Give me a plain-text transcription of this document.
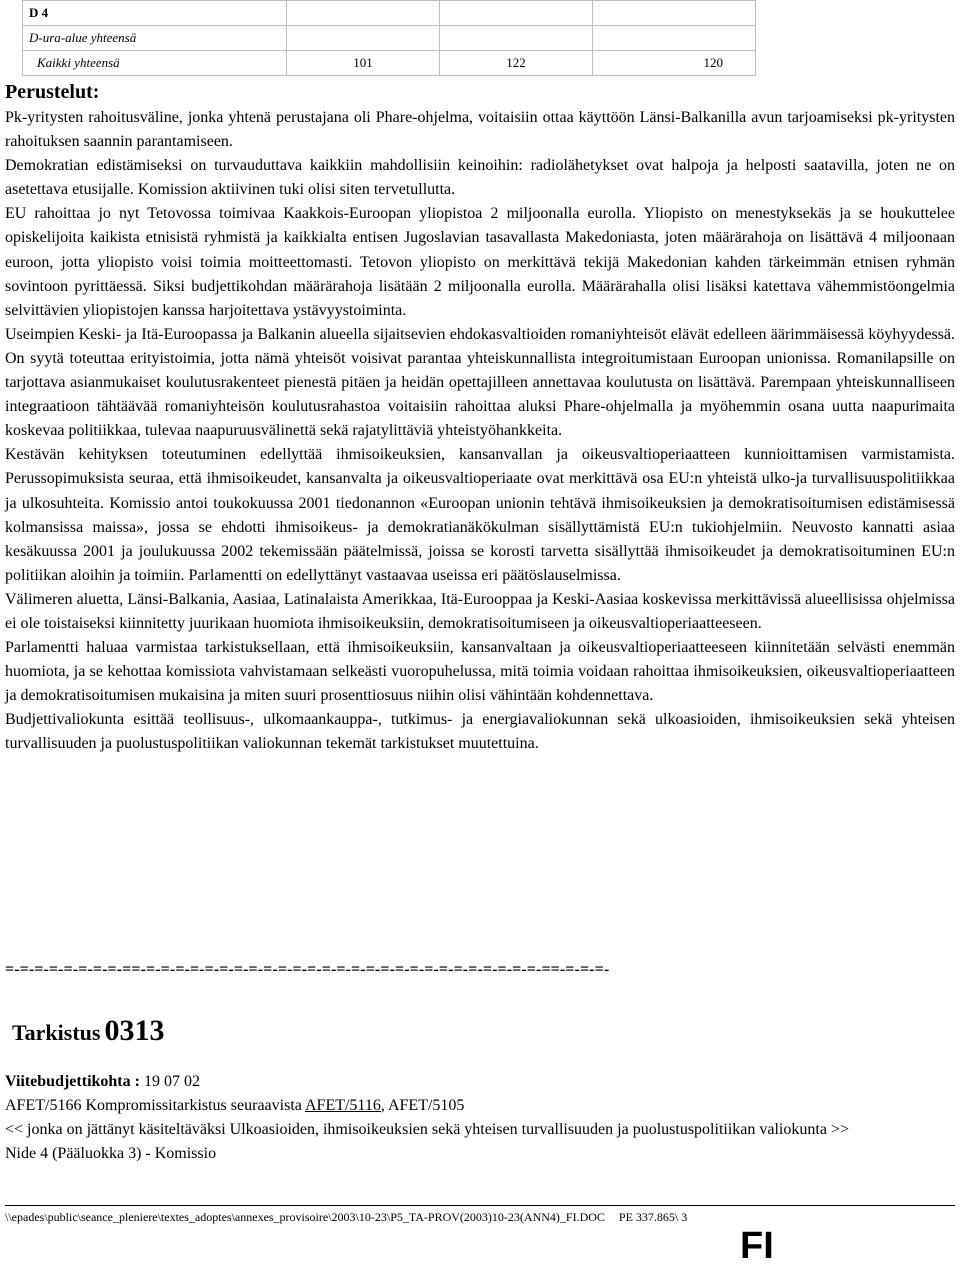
D 4			
D-ura-alue yhteensä			
Kaikki yhteensä	101	122	120
Perustelut:

Pk-yritysten rahoitusväline, jonka yhtenä perustajana oli Phare-ohjelma, voitaisiin ottaa käyttöön Länsi-Balkanilla avun tarjoamiseksi pk-yritysten rahoituksen saannin parantamiseen.

Demokratian edistämiseksi on turvauduttava kaikkiin mahdollisiin keinoihin: radiolähetykset ovat halpoja ja helposti saatavilla, joten ne on asetettava etusijalle. Komission aktiivinen tuki olisi siten tervetullutta.

EU rahoittaa jo nyt Tetovossa toimivaa Kaakkois-Euroopan yliopistoa 2 miljoonalla eurolla. Yliopisto on menestyksekäs ja se houkuttelee opiskelijoita kaikista etnisistä ryhmistä ja kaikkialta entisen Jugoslavian tasavallasta Makedoniasta, joten määrärahoja on lisättävä 4 miljoonaan euroon, jotta yliopisto voisi toimia moitteettomasti. Tetovon yliopisto on merkittävä tekijä Makedonian kahden tärkeimmän etnisen ryhmän sovintoon pyrittäessä. Siksi budjettikohdan määrärahoja lisätään 2 miljoonalla eurolla. Määrärahalla olisi lisäksi katettava vähemmistöongelmia selvittävien yliopistojen kanssa harjoitettava ystävyystoiminta.

Useimpien Keski- ja Itä-Euroopassa ja Balkanin alueella sijaitsevien ehdokasvaltioiden romaniyhteisöt elävät edelleen äärimmäisessä köyhyydessä. On syytä toteuttaa erityistoimia, jotta nämä yhteisöt voisivat parantaa yhteiskunnallista integroitumistaan Euroopan unionissa. Romanilapsille on tarjottava asianmukaiset koulutusrakenteet pienestä pitäen ja heidän opettajilleen annettavaa koulutusta on lisättävä. Parempaan yhteiskunnalliseen integraatioon tähtäävää romaniyhteisön koulutusrahastoa voitaisiin rahoittaa aluksi Phare-ohjelmalla ja myöhemmin osana uutta naapurimaita koskevaa politiikkaa, tulevaa naapuruusvälinettä sekä rajatylittäviä yhteistyöhankkeita.

Kestävän kehityksen toteutuminen edellyttää ihmisoikeuksien, kansanvallan ja oikeusvaltioperiaatteen kunnioittamisen varmistamista. Perussopimuksista seuraa, että ihmisoikeudet, kansanvalta ja oikeusvaltioperiaate ovat merkittävä osa EU:n yhteistä ulko-ja turvallisuuspolitiikkaa ja ulkosuhteita. Komissio antoi toukokuussa 2001 tiedonannon «Euroopan unionin tehtävä ihmisoikeuksien ja demokratisoitumisen edistämisessä kolmansissa maissa», jossa se ehdotti ihmisoikeus- ja demokratianäkökulman sisällyttämistä EU:n tukiohjelmiin. Neuvosto kannatti asiaa kesäkuussa 2001 ja joulukuussa 2002 tekemissään päätelmissä, joissa se korosti tarvetta sisällyttää ihmisoikeudet ja demokratisoituminen EU:n politiikan aloihin ja toimiin. Parlamentti on edellyttänyt vastaavaa useissa eri päätöslauselmissa.

Välimeren aluetta, Länsi-Balkania, Aasiaa, Latinalaista Amerikkaa, Itä-Eurooppaa ja Keski-Aasiaa koskevissa merkittävissä alueellisissa ohjelmissa ei ole toistaiseksi kiinnitetty juurikaan huomiota ihmisoikeuksiin, demokratisoitumiseen ja oikeusvaltioperiaatteeseen.

Parlamentti haluaa varmistaa tarkistuksellaan, että ihmisoikeuksiin, kansanvaltaan ja oikeusvaltioperiaatteeseen kiinnitetään selvästi enemmän huomiota, ja se kehottaa komissiota vahvistamaan selkeästi vuoropuhelussa, mitä toimia voidaan rahoittaa ihmisoikeuksien, oikeusvaltioperiaatteen ja demokratisoitumisen mukaisina ja miten suuri prosenttiosuus niihin olisi vähintään kohdennettava.

Budjettivaliokunta esittää teollisuus-, ulkomaankauppa-, tutkimus- ja energiavaliokunnan sekä ulkoasioiden, ihmisoikeuksien sekä yhteisen turvallisuuden ja puolustuspolitiikan valiokunnan tekemät tarkistukset muutettuina.

=-=-=-=-=-=-=-=-==-=-=-=-=-=-=-=-=-=-=-=-=-=-=-=-=-=-=-=-=-=-=-=-=-=-=-=-==-=-=-=-
Tarkistus 0313

Viitebudjettikohta : 19 07 02

AFET/5166 Kompromissitarkistus seuraavista AFET/5116, AFET/5105

<< jonka on jättänyt käsiteltäväksi Ulkoasioiden, ihmisoikeuksien sekä yhteisen turvallisuuden ja puolustuspolitiikan valiokunta >>

Nide 4 (Pääluokka 3) - Komissio

\\epades\public\seance_pleniere\textes_adoptes\annexes_provisoire\2003\10-23\P5_TA-PROV(2003)10-23(ANN4)_FI.DOC PE 337.865\ 3
FI
